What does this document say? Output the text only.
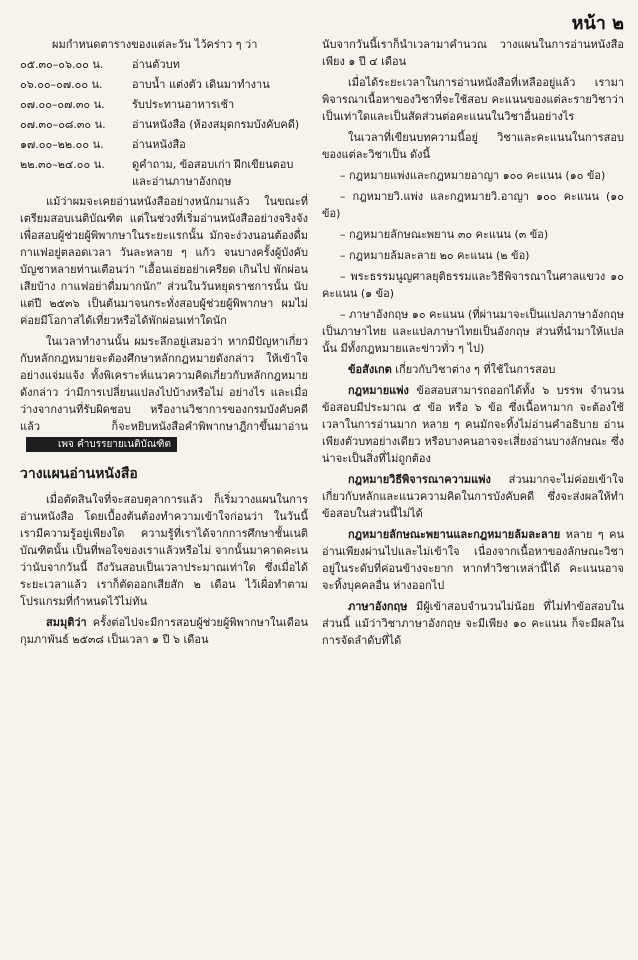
หน้า ๒

ผมกำหนดตารางของแต่ละวัน ไว้คร่าว ๆ ว่า

๐๕.๓๐–๐๖.๐๐ น.	อ่านตัวบท
๐๖.๐๐–๐๗.๐๐ น.	อาบน้ำ แต่งตัว เดินมาทำงาน
๐๗.๐๐–๐๗.๓๐ น.	รับประทานอาหารเช้า
๐๗.๓๐–๐๘.๓๐ น.	อ่านหนังสือ (ห้องสมุดกรมบังคับคดี)
๑๗.๐๐–๒๒.๐๐ น.	อ่านหนังสือ
๒๒.๓๐–๒๔.๐๐ น.	ดูคำถาม, ข้อสอบเก่า ฝึกเขียนตอบและอ่านภาษาอังกฤษ

แม้ว่าผมจะเคยอ่านหนังสืออย่างหนักมาแล้ว ในขณะที่เตรียมสอบเนติบัณฑิต แต่ในช่วงที่เริ่มอ่านหนังสืออย่างจริงจังเพื่อสอบผู้ช่วยผู้พิพากษาในระยะแรกนั้น มักจะง่วงนอนต้องดื่มกาแฟอยู่ตลอดเวลา วันละหลาย ๆ แก้ว จนบางครั้งผู้บังคับบัญชาหลายท่านเตือนว่า “เอื้อนเอ่ยอย่าเครียด เกินไป พักผ่อนเสียบ้าง กาแฟอย่าดื่มมากนัก” ส่วนในวันหยุดราชการนั้น นับแต่ปี ๒๕๓๖ เป็นต้นมาจนกระทั่งสอบผู้ช่วยผู้พิพากษา ผมไม่ค่อยมีโอกาสได้เที่ยวหรือได้พักผ่อนเท่าใดนัก

ในเวลาทำงานนั้น ผมระลึกอยู่เสมอว่า หากมีปัญหาเกี่ยวกับหลักกฎหมายจะต้องศึกษาหลักกฎหมายดังกล่าว ให้เข้าใจอย่างแจ่มแจ้ง ทั้งพิเคราะห์แนวความคิดเกี่ยวกับหลักกฎหมายดังกล่าว ว่ามีการเปลี่ยนแปลงไปบ้างหรือไม่ อย่างไร และเมื่อว่างจากงานที่รับผิดชอบ หรืองานวิชาการของกรมบังคับคดีแล้ว ก็จะหยิบหนังสือคำพิพากษาฎีกาขึ้นมาอ่าน เพจ คำบรรยายเนติบัณฑิต

วางแผนอ่านหนังสือ

เมื่อตัดสินใจที่จะสอบตุลาการแล้ว ก็เริ่มวางแผนในการอ่านหนังสือ โดยเบื้องต้นต้องทำความเข้าใจก่อนว่า ในวันนี้เรามีความรู้อยู่เพียงใด ความรู้ที่เราได้จากการศึกษาชั้นเนติบัณฑิตนั้น เป็นที่พอใจของเราแล้วหรือไม่ จากนั้นมาคาดคะเนว่านับจากวันนี้ ถึงวันสอบเป็นเวลาประมาณเท่าใด ซึ่งเมื่อได้ระยะเวลาแล้ว เราก็ตัดออกเสียสัก ๒ เดือน ไว้เผื่อทำตามโปรแกรมที่กำหนดไว้ไม่ทัน

สมมุติว่า ครั้งต่อไปจะมีการสอบผู้ช่วยผู้พิพากษาในเดือนกุมภาพันธ์ ๒๕๓๘ เป็นเวลา ๑ ปี ๖ เดือน

นับจากวันนี้เราก็นำเวลามาคำนวณ วางแผนในการอ่านหนังสือ เพียง ๑ ปี ๔ เดือน

เมื่อได้ระยะเวลาในการอ่านหนังสือที่เหลืออยู่แล้ว เรามาพิจารณาเนื้อหาของวิชาที่จะใช้สอบ คะแนนของแต่ละรายวิชาว่าเป็นเท่าใดและเป็นสัดส่วนต่อคะแนนในวิชาอื่นอย่างไร

ในเวลาที่เขียนบทความนี้อยู่ วิชาและคะแนนในการสอบของแต่ละวิชาเป็น ดังนี้

– กฎหมายแพ่งและกฎหมายอาญา ๑๐๐ คะแนน (๑๐ ข้อ)

– กฎหมายวิ.แพ่ง และกฎหมายวิ.อาญา ๑๐๐ คะแนน (๑๐ ข้อ)

– กฎหมายลักษณะพยาน ๓๐ คะแนน (๓ ข้อ)

– กฎหมายล้มละลาย ๒๐ คะแนน (๒ ข้อ)

– พระธรรมนูญศาลยุติธรรมและวิธีพิจารณาในศาลแขวง ๑๐ คะแนน (๑ ข้อ)

– ภาษาอังกฤษ ๑๐ คะแนน (ที่ผ่านมาจะเป็นแปลภาษาอังกฤษเป็นภาษาไทย และแปลภาษาไทยเป็นอังกฤษ ส่วนที่นำมาให้แปลนั้น มีทั้งกฎหมายและข่าวทั่ว ๆ ไป)

ข้อสังเกต เกี่ยวกับวิชาต่าง ๆ ที่ใช้ในการสอบ

กฎหมายแพ่ง ข้อสอบสามารถออกได้ทั้ง ๖ บรรพ จำนวนข้อสอบมีประมาณ ๕ ข้อ หรือ ๖ ข้อ ซึ่งเนื้อหามาก จะต้องใช้เวลาในการอ่านมาก หลาย ๆ คนมักจะทิ้งไม่อ่านคำอธิบาย อ่านเพียงตัวบทอย่างเดียว หรือบางคนอาจจะเสี่ยงอ่านบางลักษณะ ซึ่งน่าจะเป็นสิ่งที่ไม่ถูกต้อง

กฎหมายวิธีพิจารณาความแพ่ง ส่วนมากจะไม่ค่อยเข้าใจเกี่ยวกับหลักและแนวความคิดในการบังคับคดี ซึ่งจะส่งผลให้ทำข้อสอบในส่วนนี้ไม่ได้

กฎหมายลักษณะพยานและกฎหมายล้มละลาย หลาย ๆ คนอ่านเพียงผ่านไปและไม่เข้าใจ เนื่องจากเนื้อหาของลักษณะวิชาอยู่ในระดับที่ค่อนข้างจะยาก หากทำวิชาเหล่านี้ได้ คะแนนอาจจะทิ้งบุคคลอื่น ห่างออกไป

ภาษาอังกฤษ มีผู้เข้าสอบจำนวนไม่น้อย ที่ไม่ทำข้อสอบในส่วนนี้ แม้ว่าวิชาภาษาอังกฤษ จะมีเพียง ๑๐ คะแนน ก็จะมีผลในการจัดลำดับที่ได้
